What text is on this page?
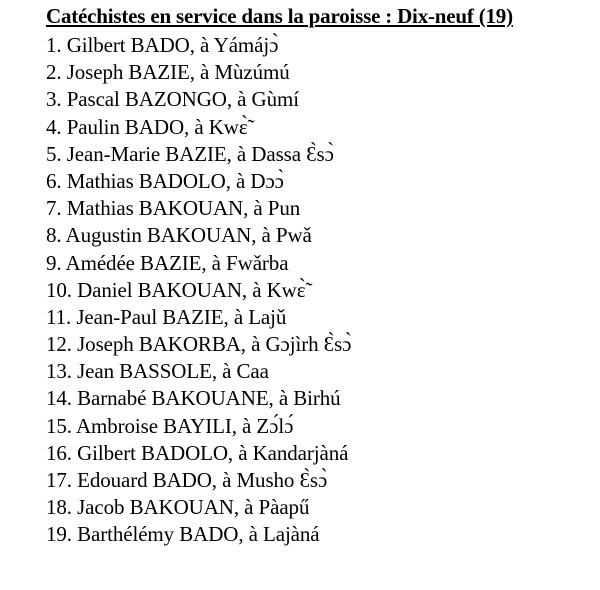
Catéchistes en service dans la paroisse : Dix-neuf (19)
1. Gilbert BADO, à Yámájɔ̀
2. Joseph BAZIE, à Mùzúmú
3. Pascal BAZONGO, à Gùmí
4. Paulin BADO, à Kwɛ̃̀
5. Jean-Marie BAZIE, à Dassa Ɛ̀sɔ̀
6. Mathias BADOLO, à Dɔɔ̀
7. Mathias BAKOUAN, à Pun
8. Augustin BAKOUAN, à Pwǎ
9. Amédée BAZIE, à Fwǎrba
10. Daniel BAKOUAN, à Kwɛ̃̀
11. Jean-Paul BAZIE, à Lajǔ
12. Joseph BAKORBA, à Gɔjìrh Ɛ̀sɔ̀
13. Jean BASSOLE, à Caa
14. Barnabé BAKOUANE, à Birhú
15. Ambroise BAYILI, à Zɔ́lɔ́
16. Gilbert BADOLO, à Kandarjàná
17. Edouard BADO, à Musho Ɛ̀sɔ̀
18. Jacob BAKOUAN, à Pàapű
19. Barthélémy BADO, à Lajàná
